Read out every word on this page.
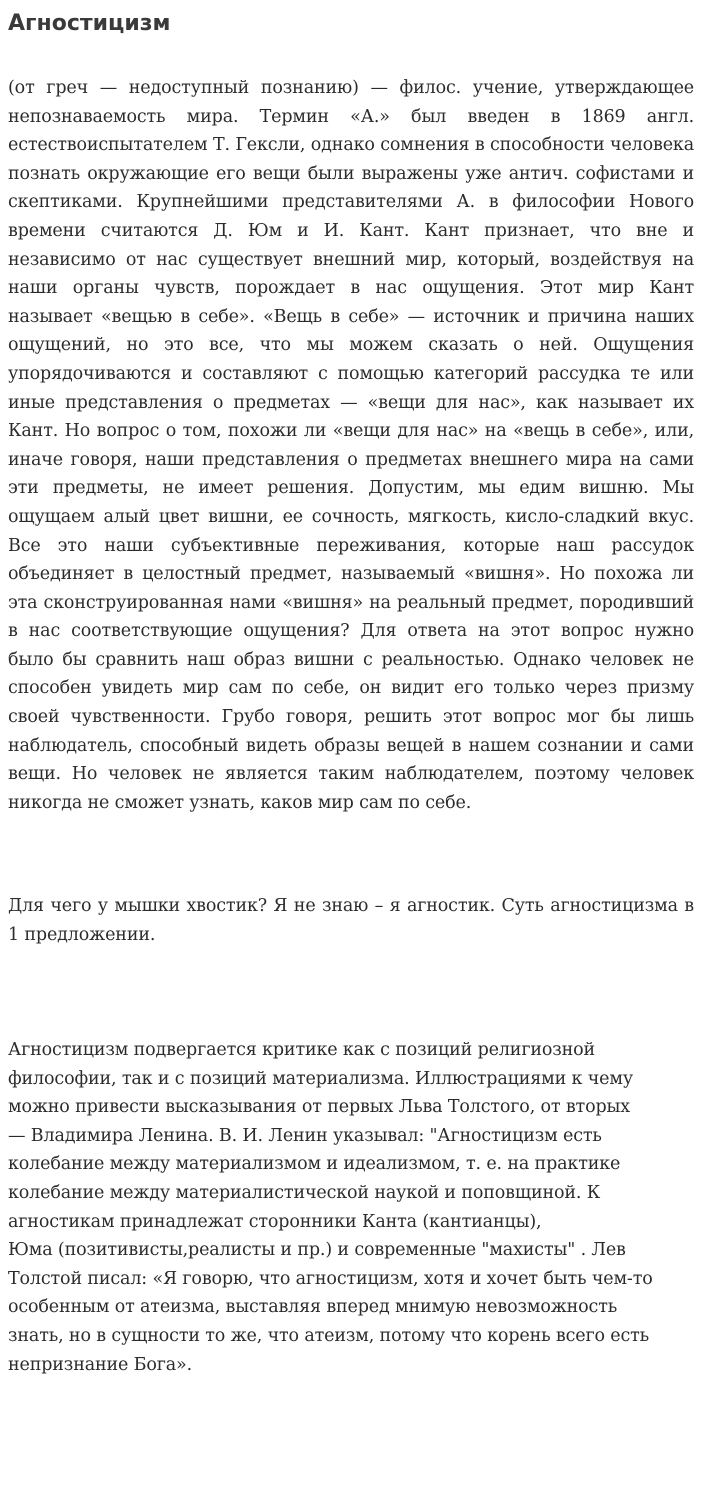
Агностицизм

(от греч — недоступный познанию) — филос. учение, утверждающее непознаваемость мира. Термин «А.» был введен в 1869 англ. естествоиспытателем Т. Гексли, однако сомнения в способности человека познать окружающие его вещи были выражены уже антич. софистами и скептиками. Крупнейшими представителями А. в философии Нового времени считаются Д. Юм и И. Кант. Кант признает, что вне и независимо от нас существует внешний мир, который, воздействуя на наши органы чувств, порождает в нас ощущения. Этот мир Кант называет «вещью в себе». «Вещь в себе» — источник и причина наших ощущений, но это все, что мы можем сказать о ней. Ощущения упорядочиваются и составляют с помощью категорий рассудка те или иные представления о предметах — «вещи для нас», как называет их Кант. Но вопрос о том, похожи ли «вещи для нас» на «вещь в себе», или, иначе говоря, наши представления о предметах внешнего мира на сами эти предметы, не имеет решения. Допустим, мы едим вишню. Мы ощущаем алый цвет вишни, ее сочность, мягкость, кисло-сладкий вкус. Все это наши субъективные переживания, которые наш рассудок объединяет в целостный предмет, называемый «вишня». Но похожа ли эта сконструированная нами «вишня» на реальный предмет, породивший в нас соответствующие ощущения? Для ответа на этот вопрос нужно было бы сравнить наш образ вишни с реальностью. Однако человек не способен увидеть мир сам по себе, он видит его только через призму своей чувственности. Грубо говоря, решить этот вопрос мог бы лишь наблюдатель, способный видеть образы вещей в нашем сознании и сами вещи. Но человек не является таким наблюдателем, поэтому человек никогда не сможет узнать, каков мир сам по себе.

Для чего у мышки хвостик? Я не знаю – я агностик. Суть агностицизма в 1 предложении.

Агностицизм подвергается критике как с позиций религиозной
философии, так и с позиций материализма. Иллюстрациями к чему
можно привести высказывания от первых Льва Толстого, от вторых
— Владимира Ленина. В. И. Ленин указывал: "Агностицизм есть
колебание между материализмом и идеализмом, т. е. на практике
колебание между материалистической наукой и поповщиной. К
агностикам принадлежат сторонники Канта (кантианцы),
Юма (позитивисты,реалисты и пр.) и современные "махисты" . Лев
Толстой писал: «Я говорю, что агностицизм, хотя и хочет быть чем-то
особенным от атеизма, выставляя вперед мнимую невозможность
знать, но в сущности то же, что атеизм, потому что корень всего есть
непризнание Бога».
